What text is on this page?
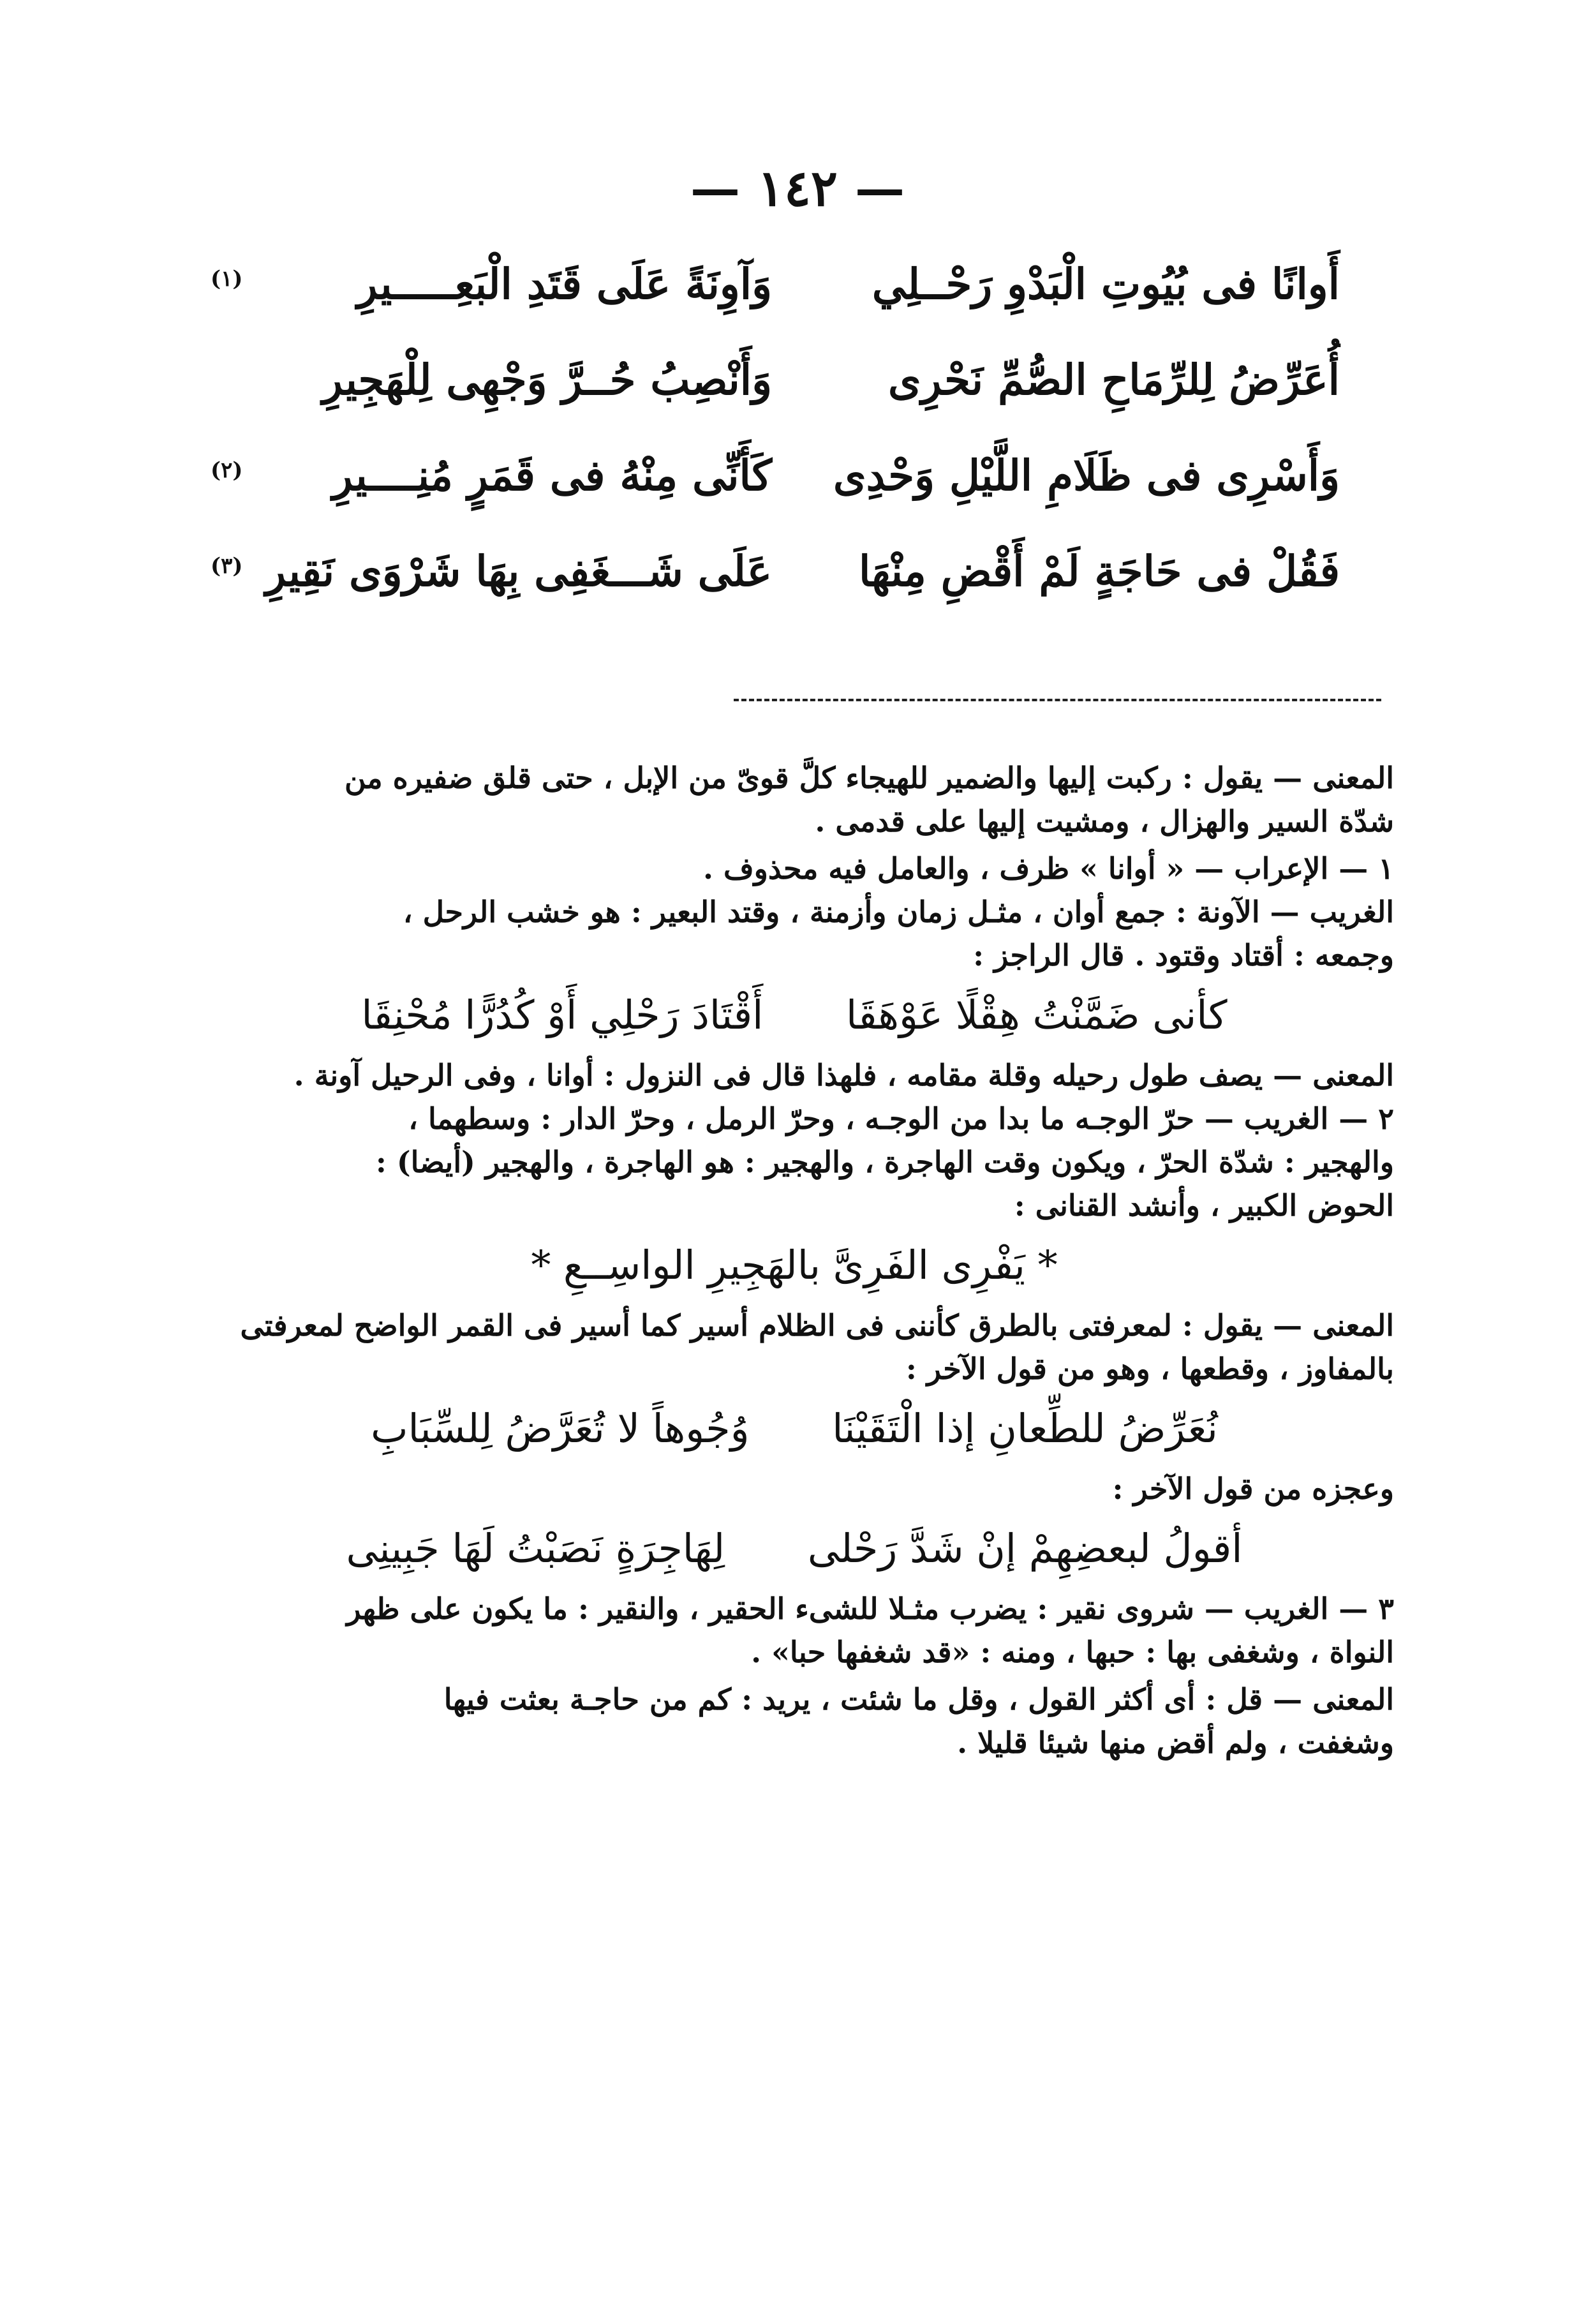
— ١٤٢ —
أَوانًا فى بُيُوتِ الْبَدْوِ رَحْــلِي
وَآوِنَةً عَلَى قَتَدِ الْبَعِـــــيرِ
(١)
أُعَرِّضُ لِلرِّمَاحِ الصُّمِّ نَحْرِى
وَأَنْصِبُ حُــرَّ وَجْهِى لِلْهَجِيرِ
وَأَسْرِى فى ظَلَامِ اللَّيْلِ وَحْدِى
كَأَنِّى مِنْهُ فى قَمَرٍ مُنِــــيرِ
(٢)
فَقُلْ فى حَاجَةٍ لَمْ أَقْضِ مِنْهَا
عَلَى شَـــغَفِى بِهَا شَرْوَى نَقِيرِ
(٣)
المعنى — يقول : ركبت إليها والضمير للهيجاء كلَّ قوىّ من الإبل ، حتى قلق ضفيره من
شدّة السير والهزال ، ومشيت إليها على قدمى .
١ — الإعراب — « أوانا » ظرف ، والعامل فيه محذوف .
الغريب — الآونة : جمع أوان ، مثـل زمان وأزمنة ، وقتد البعير : هو خشب الرحل ،
وجمعه : أقتاد وقتود . قال الراجز :
كأنى ضَمَّنْتُ هِقْلًا عَوْهَقَا أَقْتَادَ رَحْلِي أَوْ كُدُرًّا مُحْنِقَا
المعنى — يصف طول رحيله وقلة مقامه ، فلهذا قال فى النزول : أوانا ، وفى الرحيل آونة .
٢ — الغريب — حرّ الوجـه ما بدا من الوجـه ، وحرّ الرمل ، وحرّ الدار : وسطهما ،
والهجير : شدّة الحرّ ، ويكون وقت الهاجرة ، والهجير : هو الهاجرة ، والهجير (أيضا) :
الحوض الكبير ، وأنشد القنانى :
* يَفْرِى الفَرِىَّ بالهَجِيرِ الواسِــعِ *
المعنى — يقول : لمعرفتى بالطرق كأننى فى الظلام أسير كما أسير فى القمر الواضح لمعرفتى
بالمفاوز ، وقطعها ، وهو من قول الآخر :
نُعَرِّضُ للطِّعانِ إذا الْتَقَيْنَا وُجُوهاً لا تُعَرَّضُ لِلسِّبَابِ
وعجزه من قول الآخر :
أقولُ لبعضِهِمْ إنْ شَدَّ رَحْلى لِهَاجِرَةٍ نَصَبْتُ لَهَا جَبِينِى
٣ — الغريب — شروى نقير : يضرب مثـلا للشىء الحقير ، والنقير : ما يكون على ظهر
النواة ، وشغفى بها : حبها ، ومنه : «قد شغفها حبا» .
المعنى — قل : أى أكثر القول ، وقل ما شئت ، يريد : كم من حاجـة بعثت فيها
وشغفت ، ولم أقض منها شيئا قليلا .
